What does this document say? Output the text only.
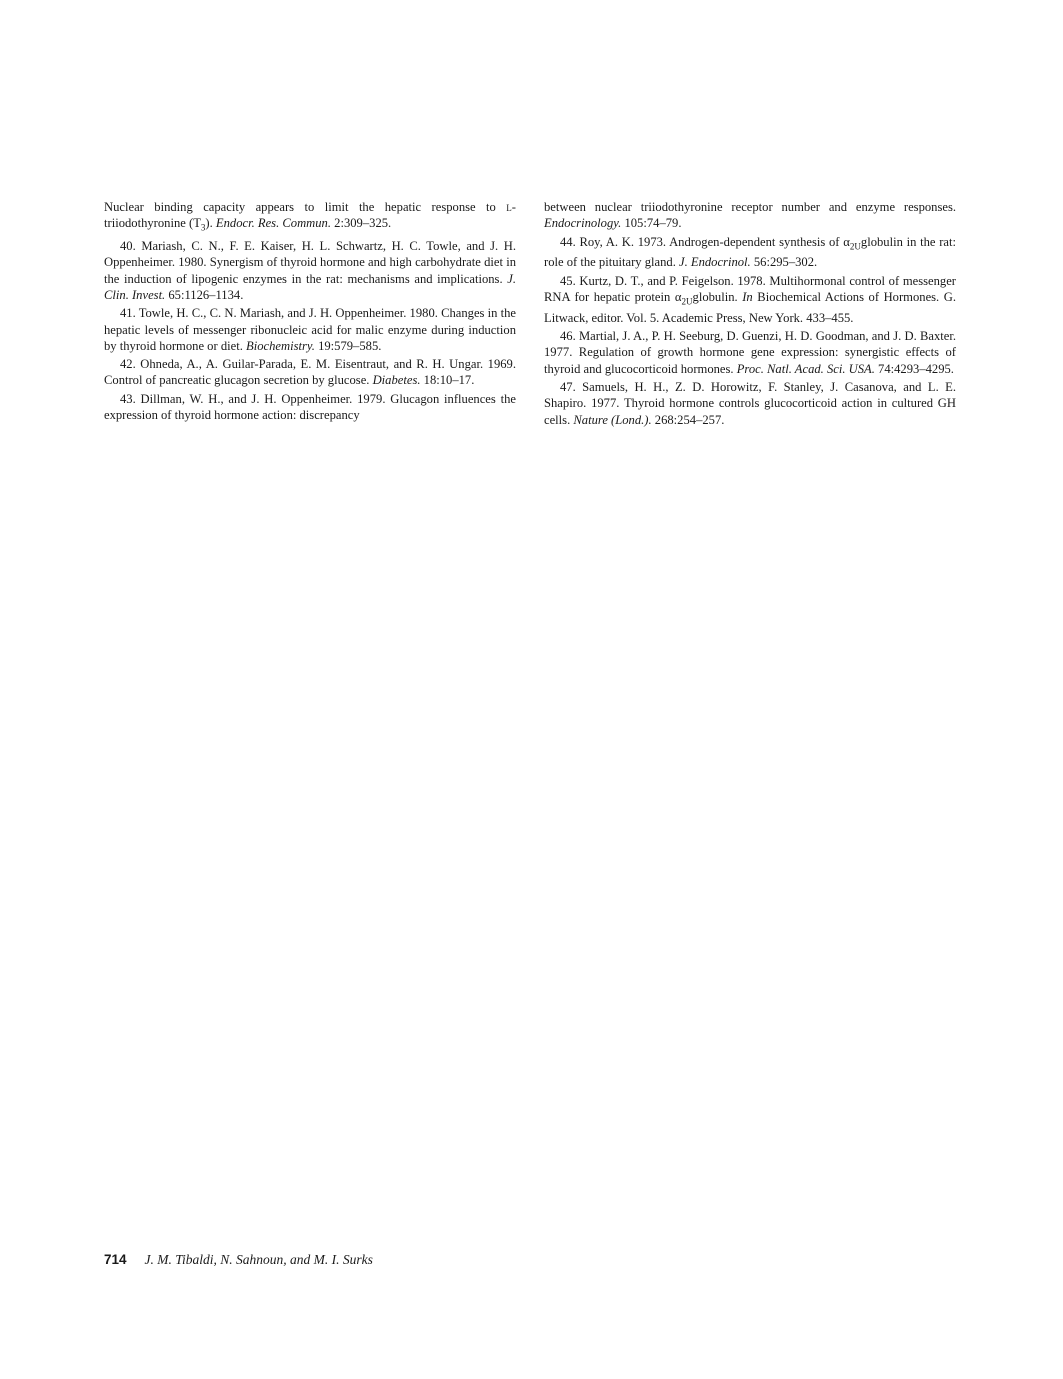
Nuclear binding capacity appears to limit the hepatic response to l-triiodothyronine $(T_3)$. Endocr. Res. Commun. 2:309–325.

40. Mariash, C. N., F. E. Kaiser, H. L. Schwartz, H. C. Towle, and J. H. Oppenheimer. 1980. Synergism of thyroid hormone and high carbohydrate diet in the induction of lipogenic enzymes in the rat: mechanisms and implications. J. Clin. Invest. 65:1126–1134.

41. Towle, H. C., C. N. Mariash, and J. H. Oppenheimer. 1980. Changes in the hepatic levels of messenger ribonucleic acid for malic enzyme during induction by thyroid hormone or diet. Biochemistry. 19:579–585.

42. Ohneda, A., A. Guilar-Parada, E. M. Eisentraut, and R. H. Ungar. 1969. Control of pancreatic glucagon secretion by glucose. Diabetes. 18:10–17.

43. Dillman, W. H., and J. H. Oppenheimer. 1979. Glucagon influences the expression of thyroid hormone action: discrepancy

between nuclear triiodothyronine receptor number and enzyme responses. Endocrinology. 105:74–79.

44. Roy, A. K. 1973. Androgen-dependent synthesis of $\alpha_{2U}globulin$ in the rat: role of the pituitary gland. J. Endocrinol. 56:295–302.

45. Kurtz, D. T., and P. Feigelson. 1978. Multihormonal control of messenger RNA for hepatic protein $\alpha_{2U}globulin$. In Biochemical Actions of Hormones. G. Litwack, editor. Vol. 5. Academic Press, New York. 433–455.

46. Martial, J. A., P. H. Seeburg, D. Guenzi, H. D. Goodman, and J. D. Baxter. 1977. Regulation of growth hormone gene expression: synergistic effects of thyroid and glucocorticoid hormones. Proc. Natl. Acad. Sci. USA. 74:4293–4295.

47. Samuels, H. H., Z. D. Horowitz, F. Stanley, J. Casanova, and L. E. Shapiro. 1977. Thyroid hormone controls glucocorticoid action in cultured GH cells. Nature (Lond.). 268:254–257.

714 J. M. Tibaldi, N. Sahnoun, and M. I. Surks
